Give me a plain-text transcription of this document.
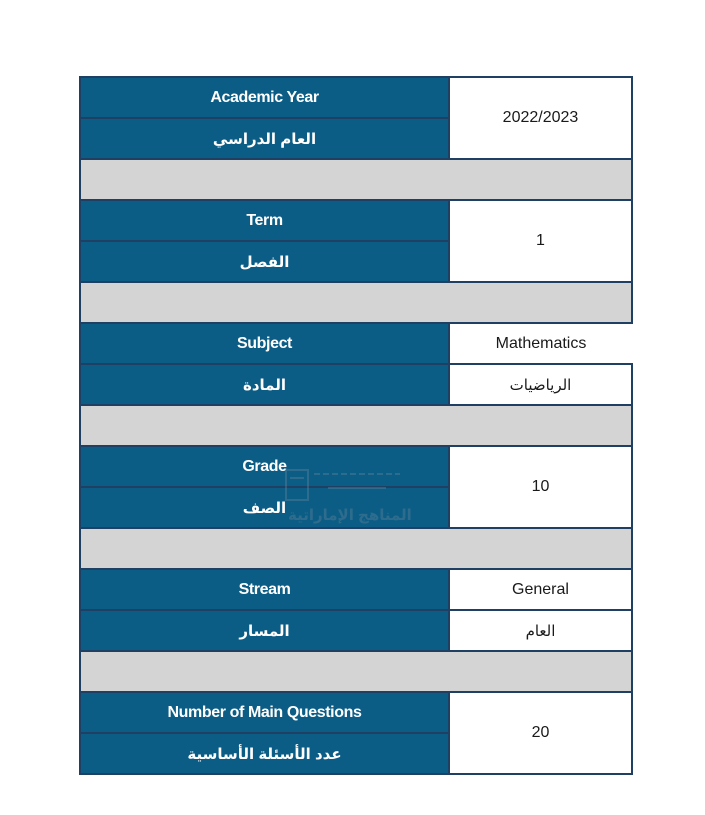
Academic Year	2022/2023
العام الدراسي	

Term	1
الفصل	

Subject	Mathematics
المادة	الرياضيات

Grade	10
الصف	

Stream	General
المسار	العام

Number of Main Questions	20
عدد الأسئلة الأساسية	
المناهج الإماراتية
